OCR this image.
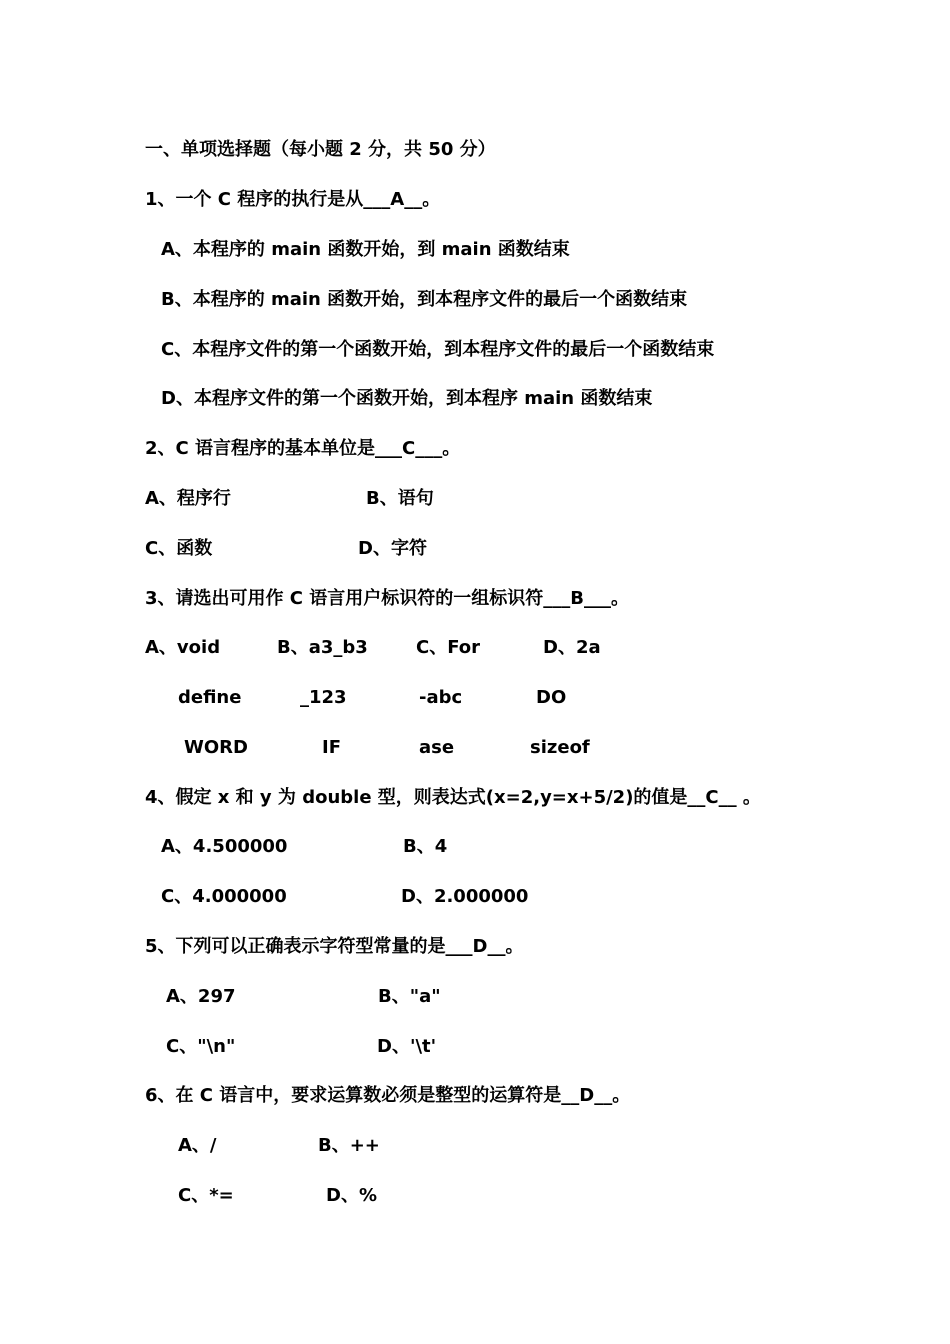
一、单项选择题（每小题 2 分，共 50 分）
1、一个 C 程序的执行是从___A__。
A、本程序的 main 函数开始，到 main 函数结束
B、本程序的 main 函数开始，到本程序文件的最后一个函数结束
C、本程序文件的第一个函数开始，到本程序文件的最后一个函数结束
D、本程序文件的第一个函数开始，到本程序 main 函数结束
2、C 语言程序的基本单位是___C___。
A、程序行	B、语句
C、函数	D、字符
3、请选出可用作 C 语言用户标识符的一组标识符___B___。
A、void	B、a3_b3	C、For	D、2a
define	_123	-abc	DO
WORD	IF	ase	sizeof
4、假定 x 和 y 为 double 型，则表达式(x=2,y=x+5/2)的值是__C__ 。
A、4.500000	B、4
C、4.000000	D、2.000000
5、下列可以正确表示字符型常量的是___D__。
A、297	B、"a"
C、"\n"	D、'\t'
6、在 C 语言中，要求运算数必须是整型的运算符是__D__。
A、/	B、++
C、*=	D、%
